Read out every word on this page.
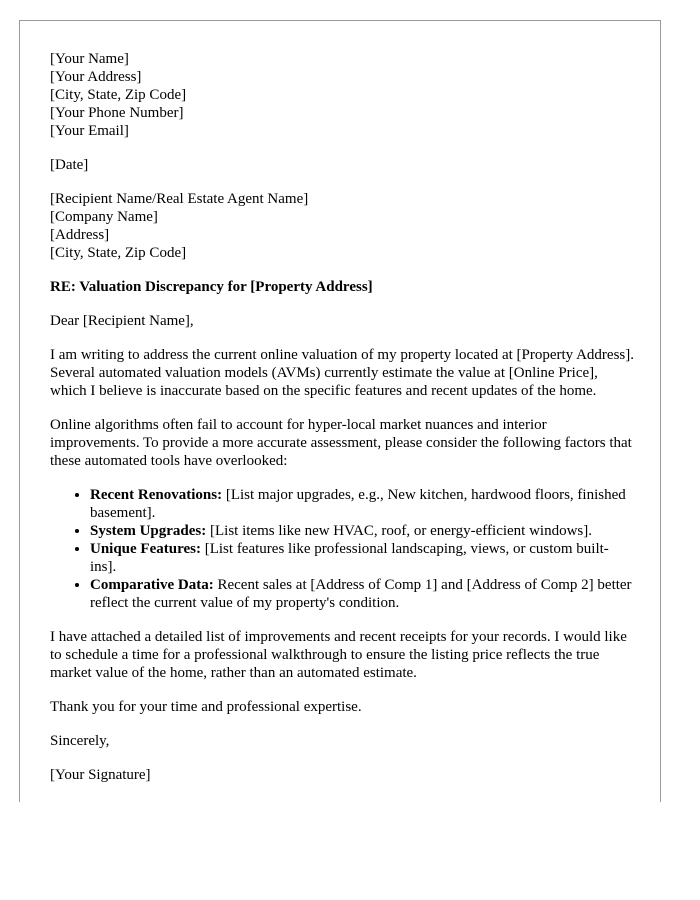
[Your Name]
[Your Address]
[City, State, Zip Code]
[Your Phone Number]
[Your Email]

[Date]

[Recipient Name/Real Estate Agent Name]
[Company Name]
[Address]
[City, State, Zip Code]

RE: Valuation Discrepancy for [Property Address]

Dear [Recipient Name],

I am writing to address the current online valuation of my property located at [Property Address]. Several automated valuation models (AVMs) currently estimate the value at [Online Price], which I believe is inaccurate based on the specific features and recent updates of the home.

Online algorithms often fail to account for hyper-local market nuances and interior improvements. To provide a more accurate assessment, please consider the following factors that these automated tools have overlooked:

• Recent Renovations: [List major upgrades, e.g., New kitchen, hardwood floors, finished basement].
• System Upgrades: [List items like new HVAC, roof, or energy-efficient windows].
• Unique Features: [List features like professional landscaping, views, or custom built-ins].
• Comparative Data: Recent sales at [Address of Comp 1] and [Address of Comp 2] better reflect the current value of my property's condition.

I have attached a detailed list of improvements and recent receipts for your records. I would like to schedule a time for a professional walkthrough to ensure the listing price reflects the true market value of the home, rather than an automated estimate.

Thank you for your time and professional expertise.

Sincerely,

[Your Signature]
